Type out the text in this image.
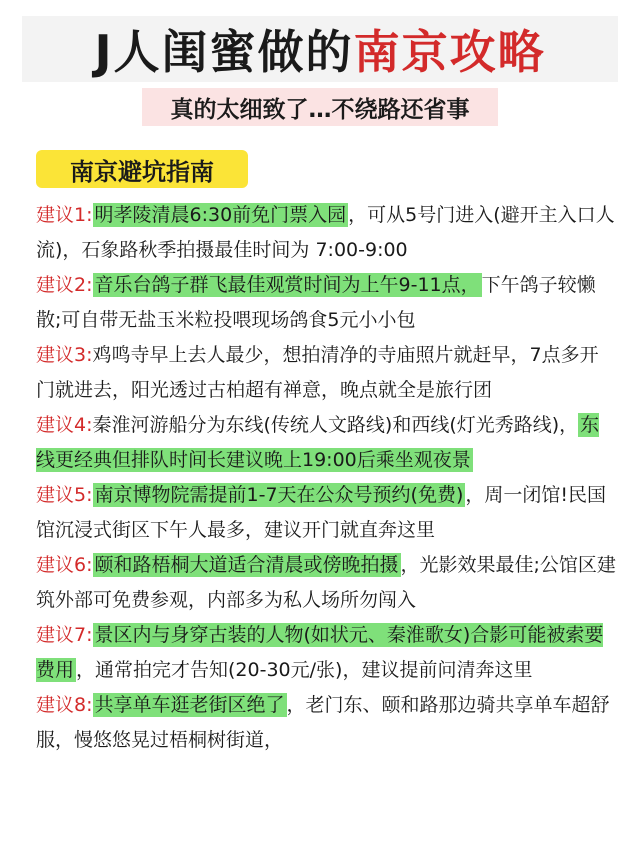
J人闺蜜做的 南京攻略
真的太细致了…不绕路还省事
南京避坑指南

建议1: 明孝陵清晨6:30前免门票入园 ，可从5号门进入(避开主入口人流)，石象路秋季拍摄最佳时间为 7:00-9:00

建议2: 音乐台鸽子群飞最佳观赏时间为上午9-11点， 下午鸽子较懒散;可自带无盐玉米粒投喂现场鸽食5元小小包

建议3:鸡鸣寺早上去人最少，想拍清净的寺庙照片就赶早，7点多开门就进去，阳光透过古柏超有禅意，晚点就全是旅行团

建议4:秦淮河游船分为东线(传统人文路线)和西线(灯光秀路线)， 东线更经典但排队时间长建议晚上19:00后乘坐观夜景

建议5: 南京博物院需提前1-7天在公众号预约(免费) ，周一闭馆!民国馆沉浸式街区下午人最多，建议开门就直奔这里

建议6: 颐和路梧桐大道适合清晨或傍晚拍摄 ，光影效果最佳;公馆区建筑外部可免费参观，内部多为私人场所勿闯入

建议7: 景区内与身穿古装的人物(如状元、秦淮歌女)合影可能被索要费用 ，通常拍完才告知(20-30元/张)，建议提前问清奔这里

建议8: 共享单车逛老街区绝了 ，老门东、颐和路那边骑共享单车超舒服，慢悠悠晃过梧桐树街道，
